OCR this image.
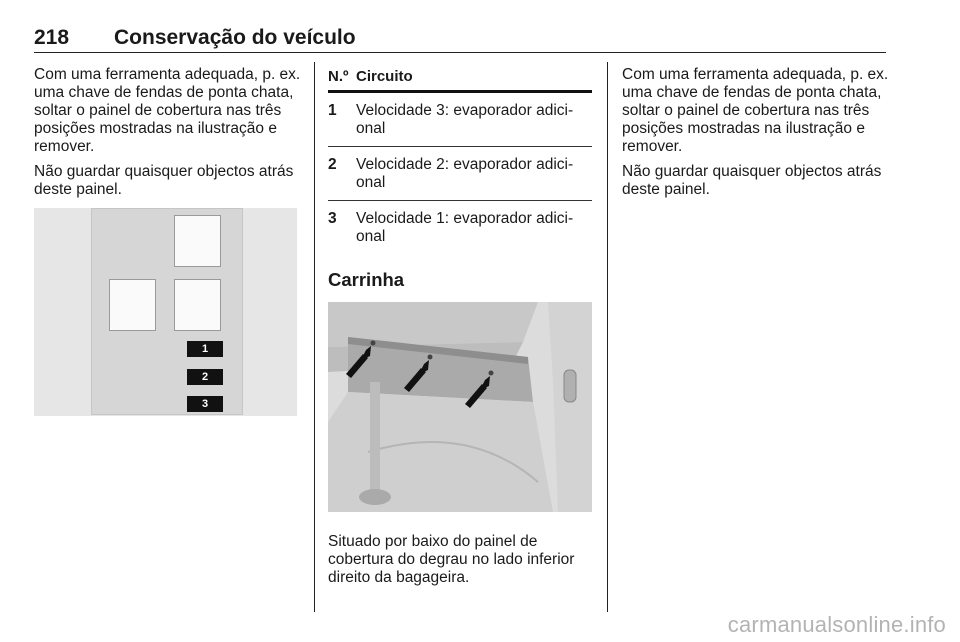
218 Conservação do veículo

Com uma ferramenta adequada, p. ex. uma chave de fendas de ponta chata, soltar o painel de cobertura nas três posições mostradas na ilustração e remover.

Não guardar quaisquer objectos atrás deste painel.

1
2
3
N.º Circuito
1 Velocidade 3: evaporador adici-onal
2 Velocidade 2: evaporador adici-onal
3 Velocidade 1: evaporador adici-onal
Carrinha

Situado por baixo do painel de cobertura do degrau no lado inferior direito da bagageira.

Com uma ferramenta adequada, p. ex. uma chave de fendas de ponta chata, soltar o painel de cobertura nas três posições mostradas na ilustração e remover.

Não guardar quaisquer objectos atrás deste painel.

carmanualsonline.info
